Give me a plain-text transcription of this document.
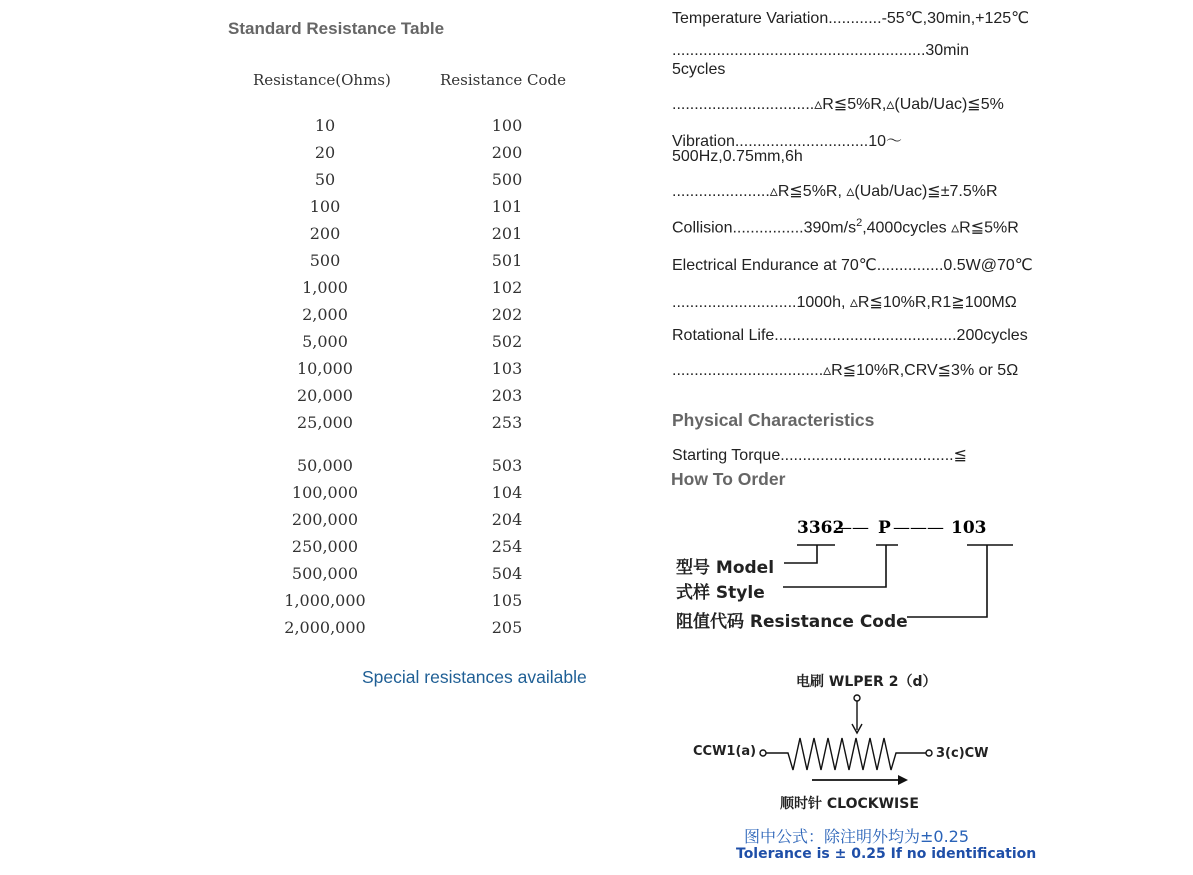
Standard Resistance Table
Resistance(Ohms)	Resistance Code
10	100
20	200
50	500
100	101
200	201
500	501
1,000	102
2,000	202
5,000	502
10,000	103
20,000	203
25,000	253
50,000	503
100,000	104
200,000	204
250,000	254
500,000	504
1,000,000	105
2,000,000	205
Special resistances available
Temperature Variation............-55℃,30min,+125℃
.........................................................30min
5cycles
................................▵R≦5%R,▵(Uab/Uac)≦5%
Vibration..............................10～
500Hz,0.75mm,6h
......................▵R≦5%R, ▵(Uab/Uac)≦±7.5%R
$Collision................390m/s^2,4000cycles$ ▵R≦5%R
Electrical Endurance at 70℃...............0.5W@70℃
............................1000h, ▵R≦10%R,R1≧100MΩ
Rotational Life.........................................200cycles
..................................▵R≦10%R,CRV≦3% or 5Ω
Physical Characteristics
Starting Torque.......................................≦
How To Order
3362
—— P ——— 103
型号 Model
式样 Style
阻值代码 Resistance Code
电刷 WLPER 2（d）
CCW1(a)	3(c)CW
顺时针 CLOCKWISE
图中公式：除注明外均为±0.25
Tolerance is ± 0.25 If no identification
